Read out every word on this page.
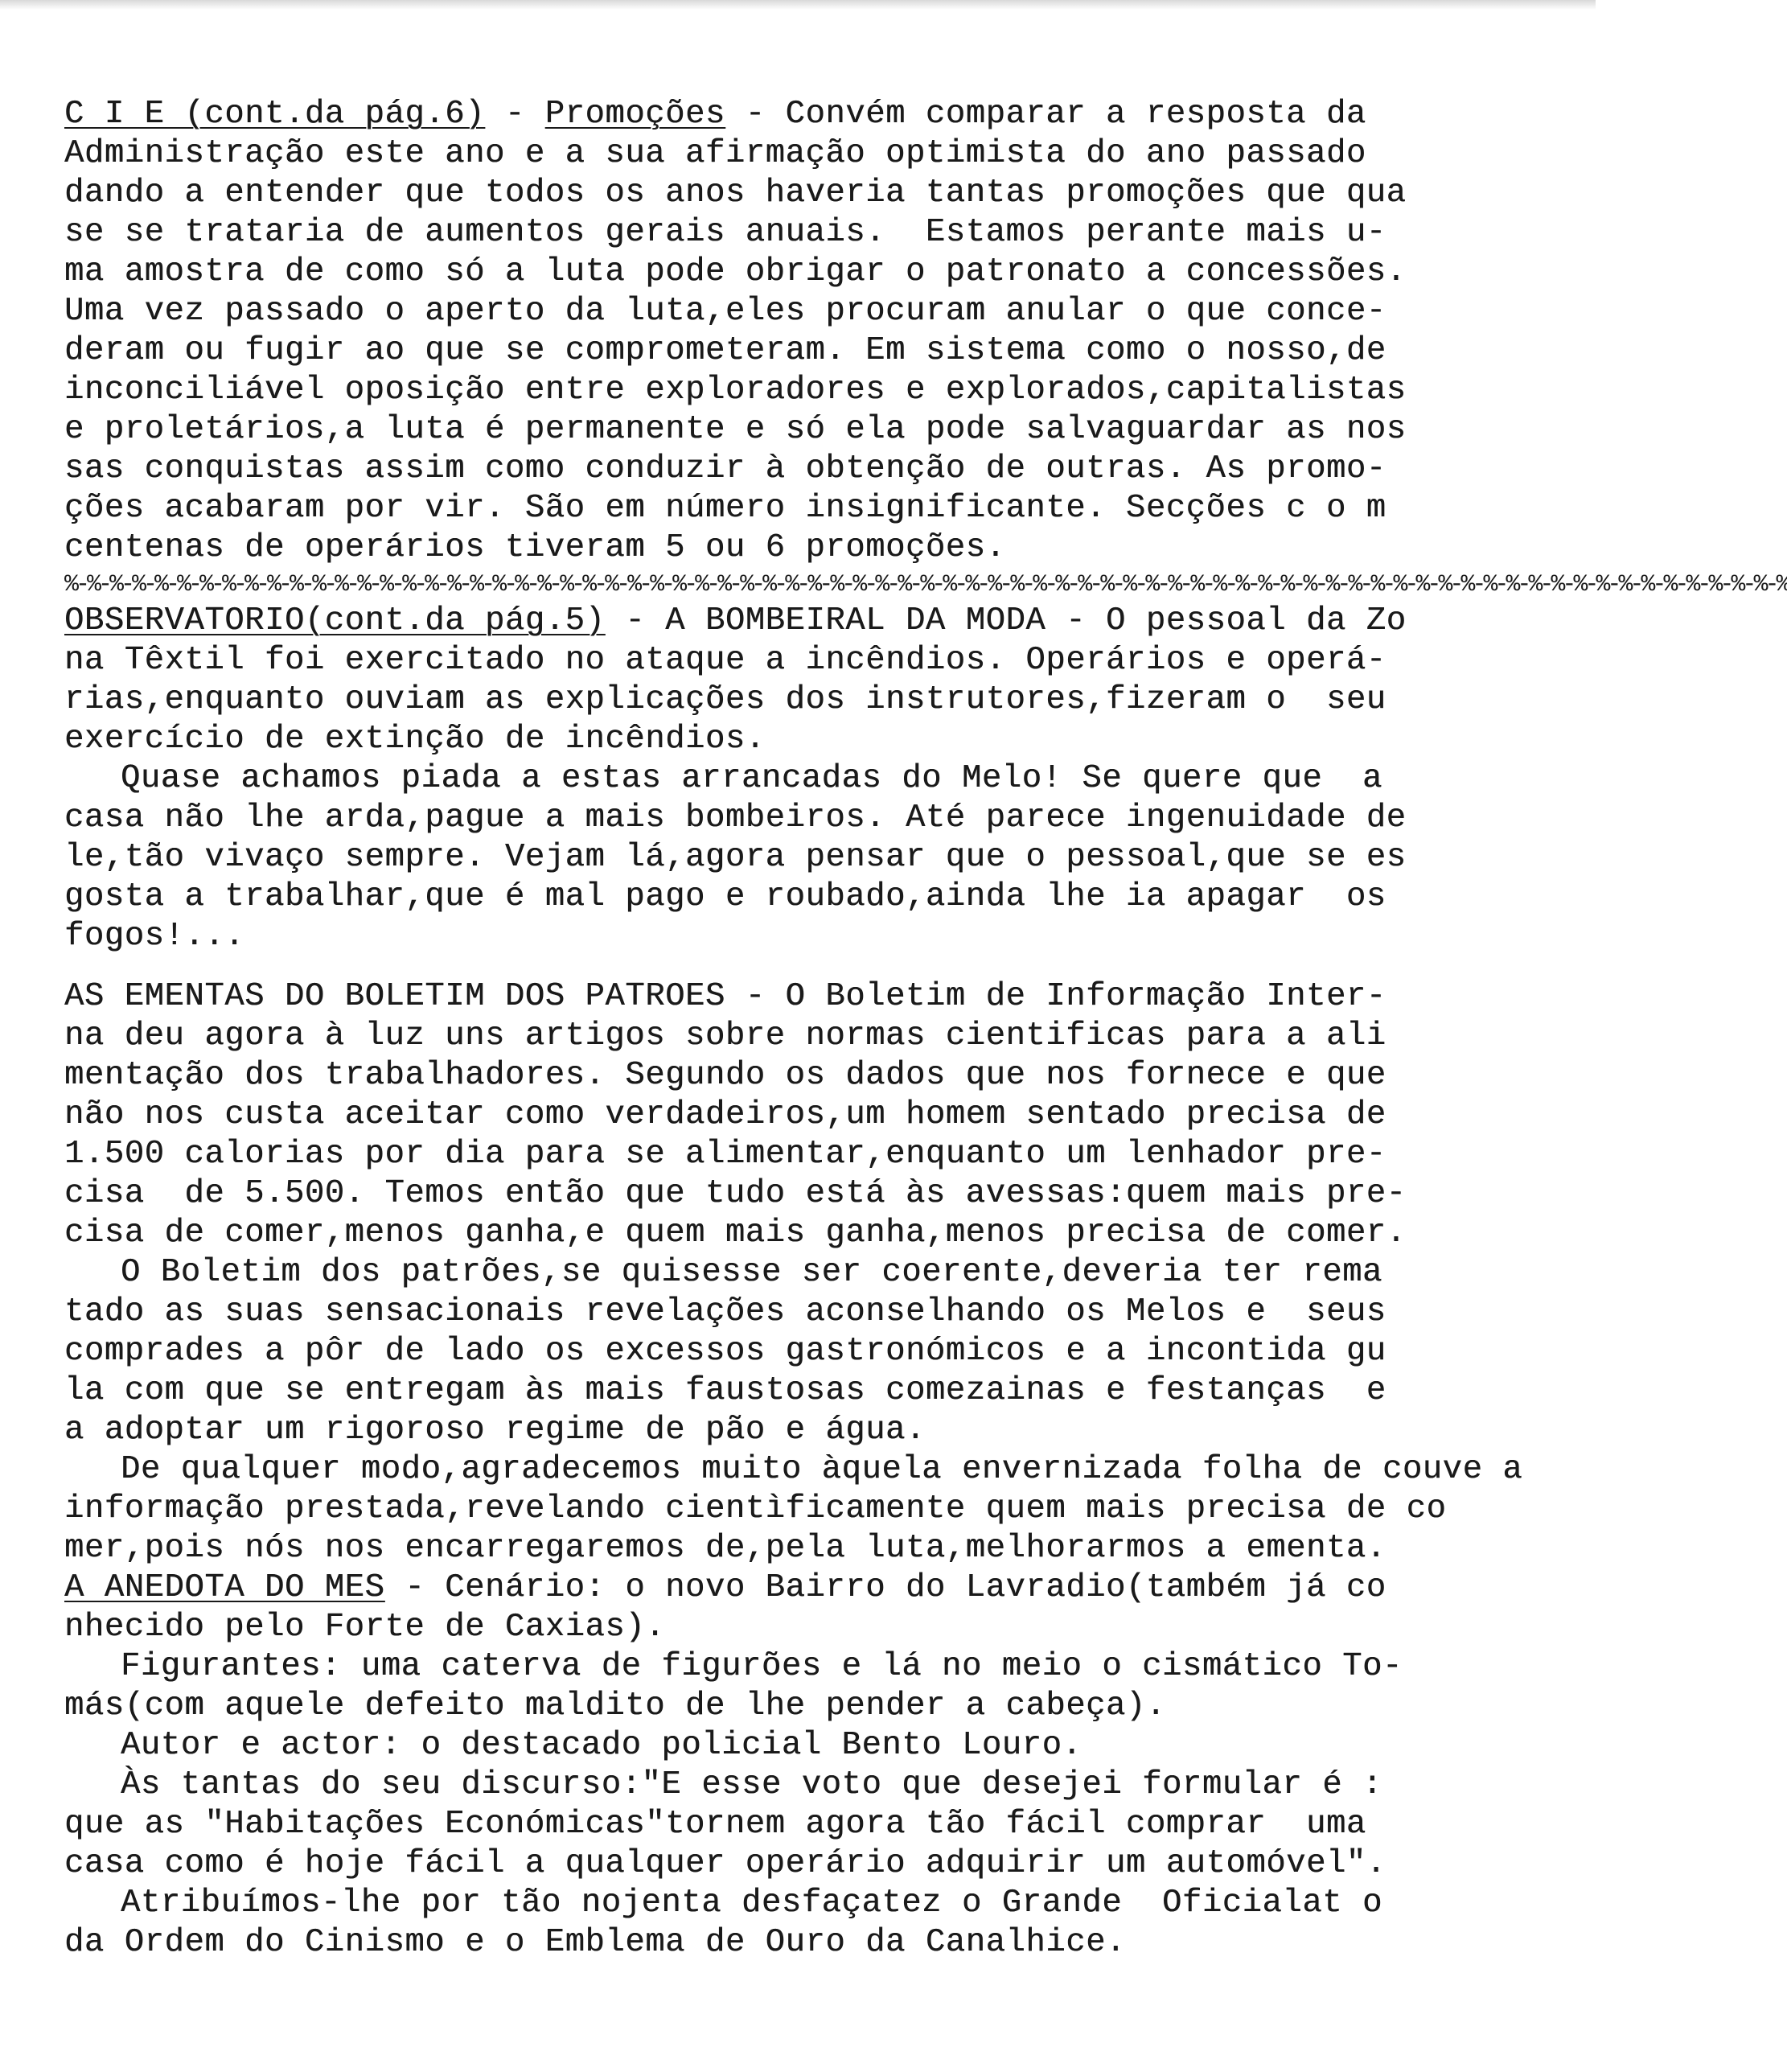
C I E (cont.da pág.6) - Promoções - Convém comparar a resposta da
Administração este ano e a sua afirmação optimista do ano passado
dando a entender que todos os anos haveria tantas promoções que qua
se se trataria de aumentos gerais anuais.  Estamos perante mais u-
ma amostra de como só a luta pode obrigar o patronato a concessões.
Uma vez passado o aperto da luta,eles procuram anular o que conce-
deram ou fugir ao que se comprometeram. Em sistema como o nosso,de
inconciliável oposição entre exploradores e explorados,capitalistas
e proletários,a luta é permanente e só ela pode salvaguardar as nos
sas conquistas assim como conduzir à obtenção de outras. As promo-
ções acabaram por vir. São em número insignificante. Secções c o m
centenas de operários tiveram 5 ou 6 promoções.
%-%-%-%-%-%-%-%-%-%-%-%-%-%-%-%-%-%-%-%-%-%-%-%-%-%-%-%-%-%-%-%-%-%-%-%-%-%-%-%-%-%-%-%-%-%-%-%-%-%-%-%-%-%-%-%-%-%-%-%-%-%-%-%-%-%-%-%-%-%-%-%-%-%-%-%-%
OBSERVATORIO(cont.da pág.5) - A BOMBEIRAL DA MODA - O pessoal da Zo
na Têxtil foi exercitado no ataque a incêndios. Operários e operá-
rias,enquanto ouviam as explicações dos instrutores,fizeram o  seu
exercício de extinção de incêndios.
Quase achamos piada a estas arrancadas do Melo! Se quere que  a
casa não lhe arda,pague a mais bombeiros. Até parece ingenuidade de
le,tão vivaço sempre. Vejam lá,agora pensar que o pessoal,que se es
gosta a trabalhar,que é mal pago e roubado,ainda lhe ia apagar  os
fogos!...
AS EMENTAS DO BOLETIM DOS PATROES - O Boletim de Informação Inter-
na deu agora à luz uns artigos sobre normas cientificas para a ali
mentação dos trabalhadores. Segundo os dados que nos fornece e que
não nos custa aceitar como verdadeiros,um homem sentado precisa de
1.500 calorias por dia para se alimentar,enquanto um lenhador pre-
cisa  de 5.500. Temos então que tudo está às avessas:quem mais pre-
cisa de comer,menos ganha,e quem mais ganha,menos precisa de comer.
O Boletim dos patrões,se quisesse ser coerente,deveria ter rema
tado as suas sensacionais revelações aconselhando os Melos e  seus
comprades a pôr de lado os excessos gastronómicos e a incontida gu
la com que se entregam às mais faustosas comezainas e festanças  e
a adoptar um rigoroso regime de pão e água.
De qualquer modo,agradecemos muito àquela envernizada folha de couve a
informação prestada,revelando cientìficamente quem mais precisa de co
mer,pois nós nos encarregaremos de,pela luta,melhorarmos a ementa.
A ANEDOTA DO MES - Cenário: o novo Bairro do Lavradio(também já co
nhecido pelo Forte de Caxias).
Figurantes: uma caterva de figurões e lá no meio o cismático To-
más(com aquele defeito maldito de lhe pender a cabeça).
Autor e actor: o destacado policial Bento Louro.
Às tantas do seu discurso:"E esse voto que desejei formular é :
que as "Habitações Económicas"tornem agora tão fácil comprar  uma
casa como é hoje fácil a qualquer operário adquirir um automóvel".
Atribuímos-lhe por tão nojenta desfaçatez o Grande  Oficialat o
da Ordem do Cinismo e o Emblema de Ouro da Canalhice.
